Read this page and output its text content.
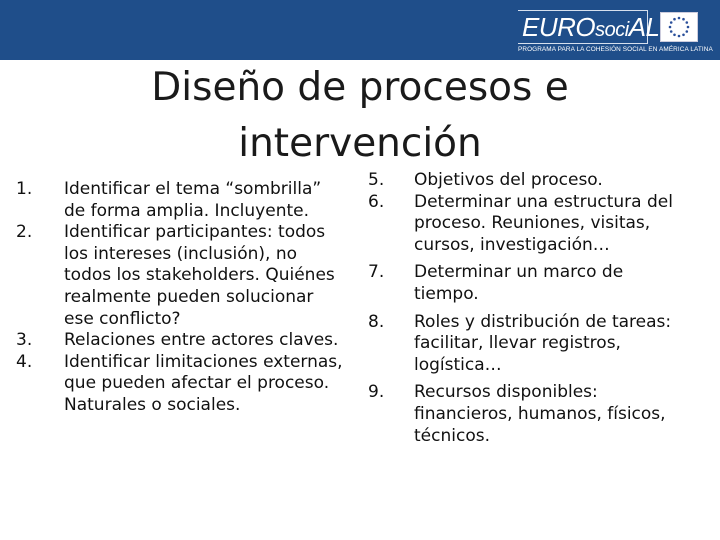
EUROsociAL
PROGRAMA PARA LA COHESIÓN SOCIAL EN AMÉRICA LATINA
Diseño de procesos e
intervención
1.	Identificar el tema “sombrilla” de forma amplia. Incluyente.
2.	Identificar participantes: todos los intereses (inclusión), no todos los stakeholders. Quiénes realmente pueden solucionar ese conflicto?
3.	Relaciones entre actores claves.
4.	Identificar limitaciones externas, que pueden afectar el proceso. Naturales o sociales.
5.	Objetivos del proceso.
6.	Determinar una estructura del proceso. Reuniones, visitas, cursos, investigación…
7.	Determinar un marco de tiempo.
8.	Roles y distribución de tareas: facilitar, llevar registros, logística…
9.	Recursos disponibles: financieros, humanos, físicos, técnicos.
